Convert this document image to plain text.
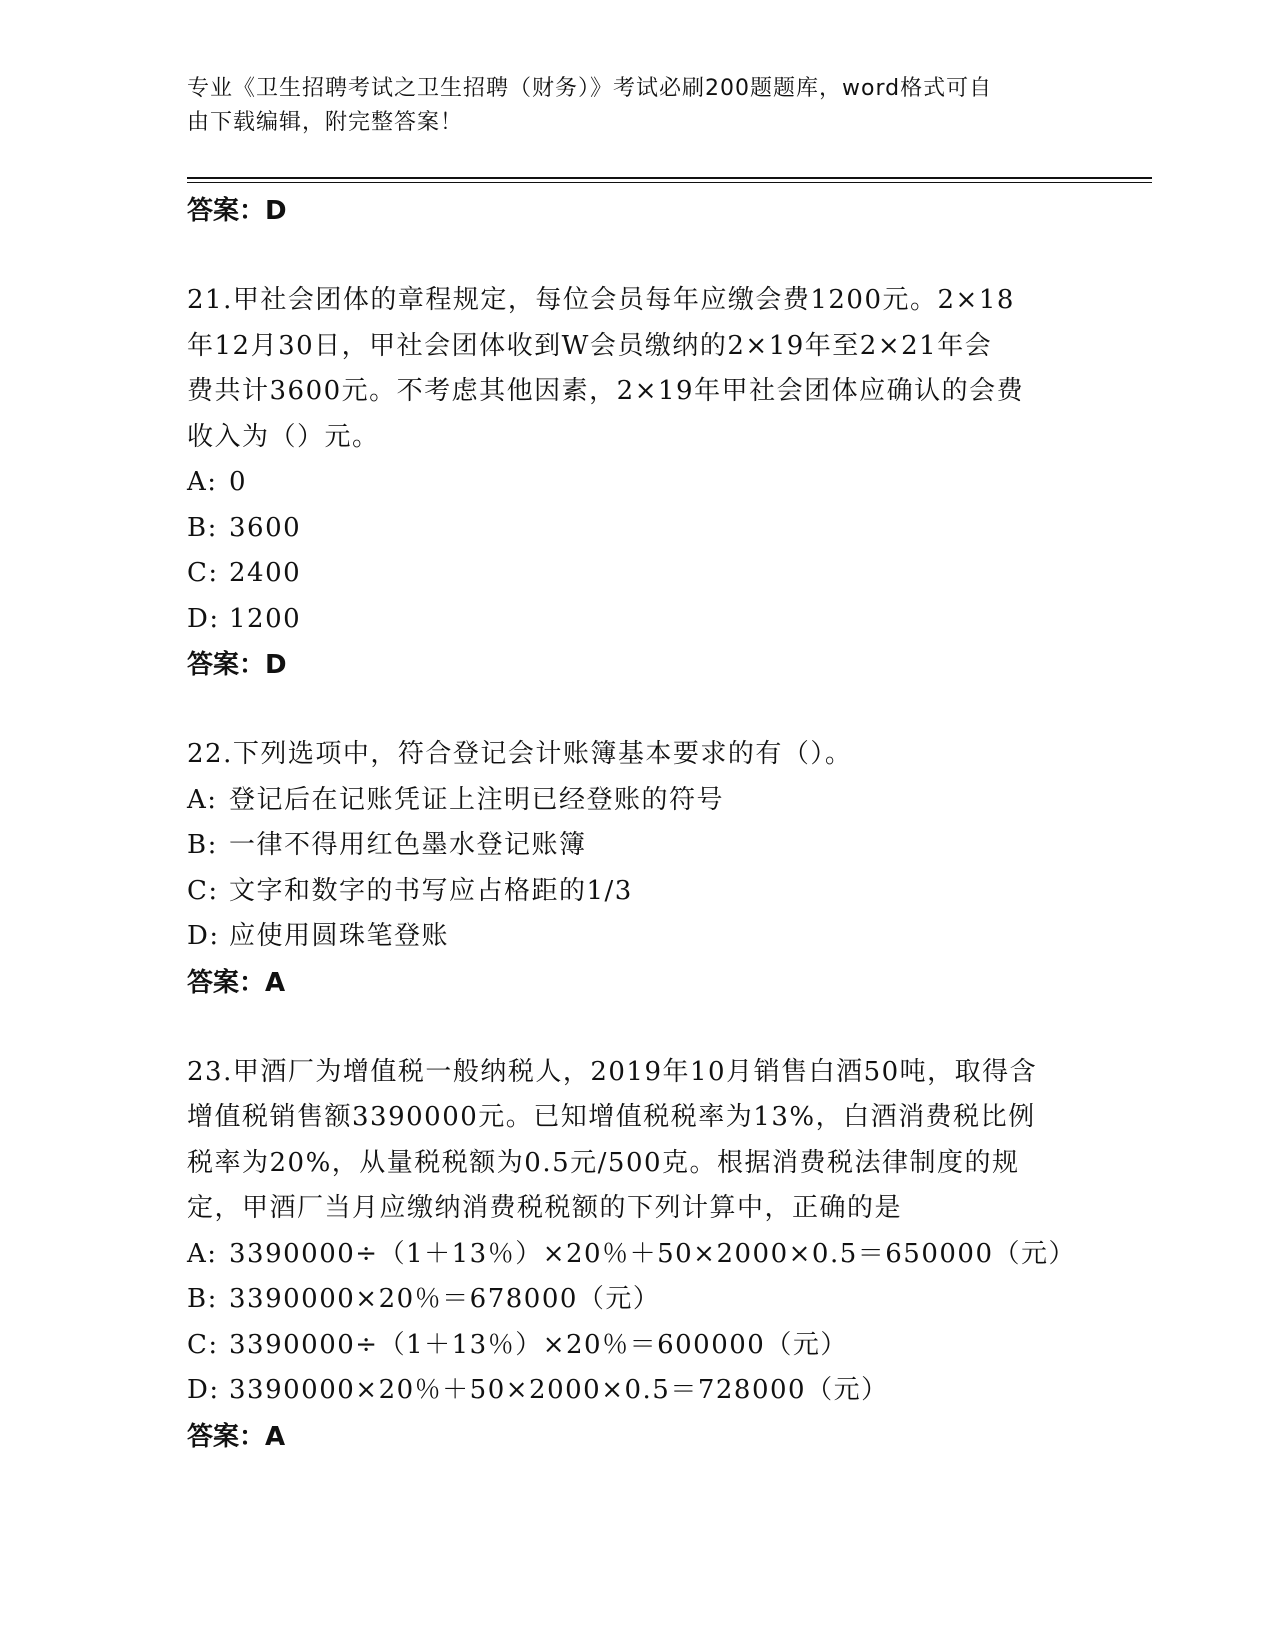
专业《卫生招聘考试之卫生招聘（财务）》考试必刷200题题库，word格式可自
由下载编辑，附完整答案！
答案：D
21.甲社会团体的章程规定，每位会员每年应缴会费1200元。2×18
年12月30日，甲社会团体收到W会员缴纳的2×19年至2×21年会
费共计3600元。不考虑其他因素，2×19年甲社会团体应确认的会费
收入为（）元。
A: 0
B: 3600
C: 2400
D: 1200
答案：D
22.下列选项中，符合登记会计账簿基本要求的有（）。
A: 登记后在记账凭证上注明已经登账的符号
B: 一律不得用红色墨水登记账簿
C: 文字和数字的书写应占格距的1/3
D: 应使用圆珠笔登账
答案：A
23.甲酒厂为增值税一般纳税人，2019年10月销售白酒50吨，取得含
增值税销售额3390000元。已知增值税税率为13%，白酒消费税比例
税率为20%，从量税税额为0.5元/500克。根据消费税法律制度的规
定，甲酒厂当月应缴纳消费税税额的下列计算中，正确的是
A: 3390000÷（1＋13％）×20％＋50×2000×0.5＝650000（元）
B: 3390000×20％＝678000（元）
C: 3390000÷（1＋13％）×20％＝600000（元）
D: 3390000×20％＋50×2000×0.5＝728000（元）
答案：A
